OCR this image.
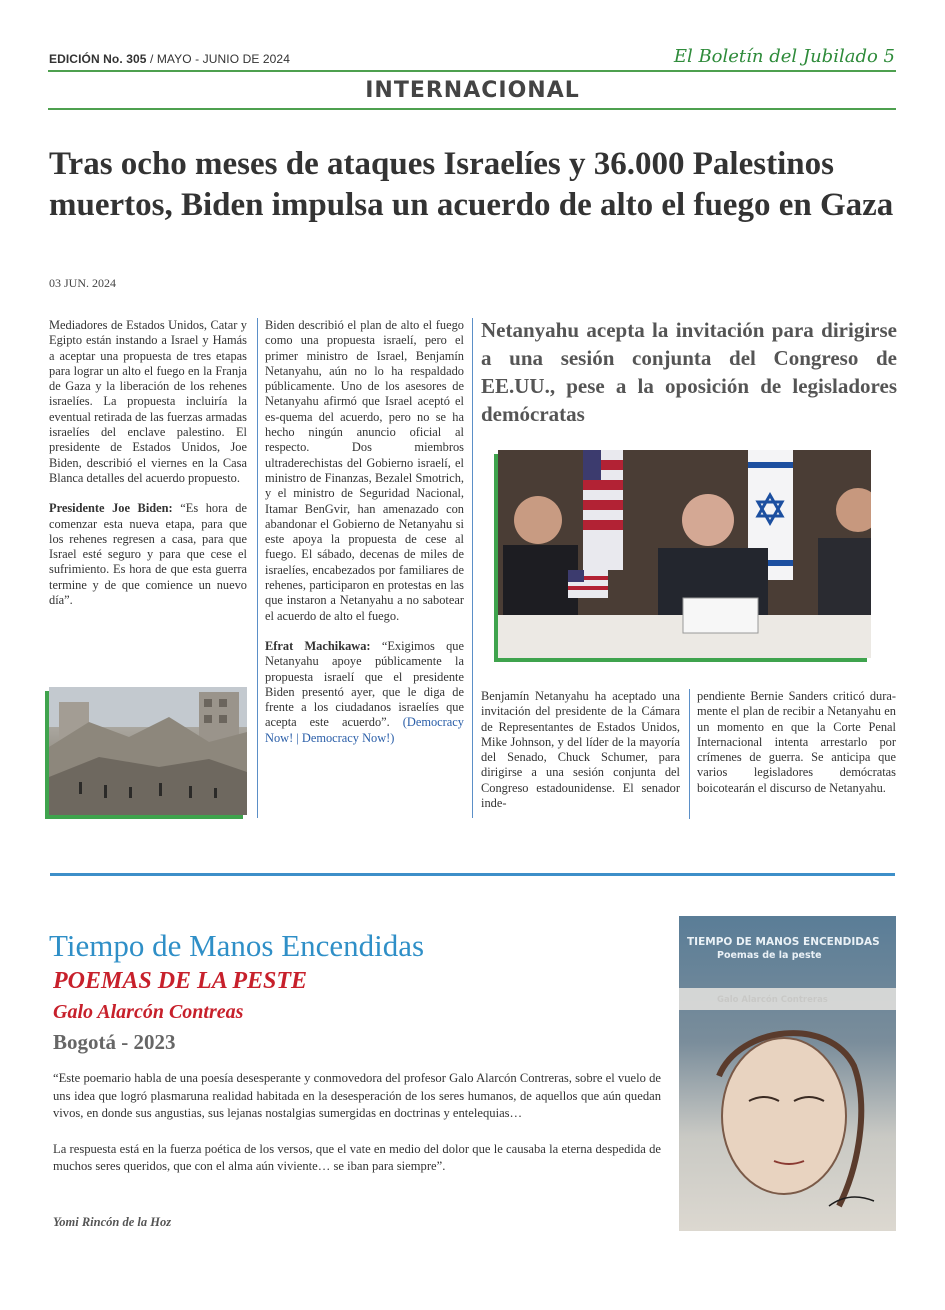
EDICIÓN No. 305 / MAYO - JUNIO DE 2024	El Boletín del Jubilado 5
INTERNACIONAL
Tras ocho meses de ataques Israelíes y 36.000 Palestinos muertos, Biden impulsa un acuerdo de alto el fuego en Gaza
03 JUN. 2024

Mediadores de Estados Unidos, Catar y Egipto están instando a Israel y Hamás a aceptar una propuesta de tres etapas para lograr un alto el fuego en la Franja de Gaza y la liberación de los rehenes israelíes. La propuesta incluiría la eventual retirada de las fuerzas armadas israelíes del enclave palestino. El presidente de Estados Unidos, Joe Biden, describió el viernes en la Casa Blanca detalles del acuerdo propuesto.

Presidente Joe Biden: “Es hora de comenzar esta nueva etapa, para que los rehenes regresen a casa, para que Israel esté seguro y para que cese el sufrimiento. Es hora de que esta guerra termine y de que comience un nuevo día”.

Biden describió el plan de alto el fuego como una propuesta israelí, pero el primer ministro de Israel, Benjamín Netanyahu, aún no lo ha respaldado públicamente. Uno de los asesores de Netanyahu afirmó que Israel aceptó el es-quema del acuerdo, pero no se ha hecho ningún anuncio oficial al respecto. Dos miembros ultraderechistas del Gobierno israelí, el ministro de Finanzas, Bezalel Smotrich, y el ministro de Seguridad Nacional, Itamar BenGvir, han amenazado con abandonar el Gobierno de Netanyahu si este apoya la propuesta de cese al fuego. El sábado, decenas de miles de israelíes, encabezados por familiares de rehenes, participaron en protestas en las que instaron a Netanyahu a no sabotear el acuerdo de alto el fuego.

Efrat Machikawa: “Exigimos que Netanyahu apoye públicamente la propuesta israelí que el presidente Biden presentó ayer, que le diga de frente a los ciudadanos israelíes que acepta este acuerdo”. (Democracy Now! | Democracy Now!)

Netanyahu acepta la invitación para dirigirse a una sesión conjunta del Congreso de EE.UU., pese a la oposición de legisladores demócratas
Benjamín Netanyahu ha aceptado una invitación del presidente de la Cámara de Representantes de Estados Unidos, Mike Johnson, y del líder de la mayoría del Senado, Chuck Schumer, para dirigirse a una sesión conjunta del Congreso estadounidense. El senador inde-
pendiente Bernie Sanders criticó dura-mente el plan de recibir a Netanyahu en un momento en que la Corte Penal Internacional intenta arrestarlo por crímenes de guerra. Se anticipa que varios legisladores demócratas boicotearán el discurso de Netanyahu.
Tiempo de Manos Encendidas
POEMAS DE LA PESTE
Galo Alarcón Contreas
Bogotá - 2023

“Este poemario habla de una poesía desesperante y conmovedora del profesor Galo Alarcón Contreras, sobre el vuelo de uns idea que logró plasmaruna realidad habitada en la desesperación de los seres humanos, de aquellos que aún quedan vivos, en donde sus angustias, sus lejanas nostalgias sumergidas en doctrinas y entelequias…

La respuesta está en la fuerza poética de los versos, que el vate en medio del dolor que le causaba la eterna despedida de muchos seres queridos, que con el alma aún viviente… se iban para siempre”.

Yomi Rincón de la Hoz
TIEMPO DE MANOS ENCENDIDAS
Poemas de la peste
